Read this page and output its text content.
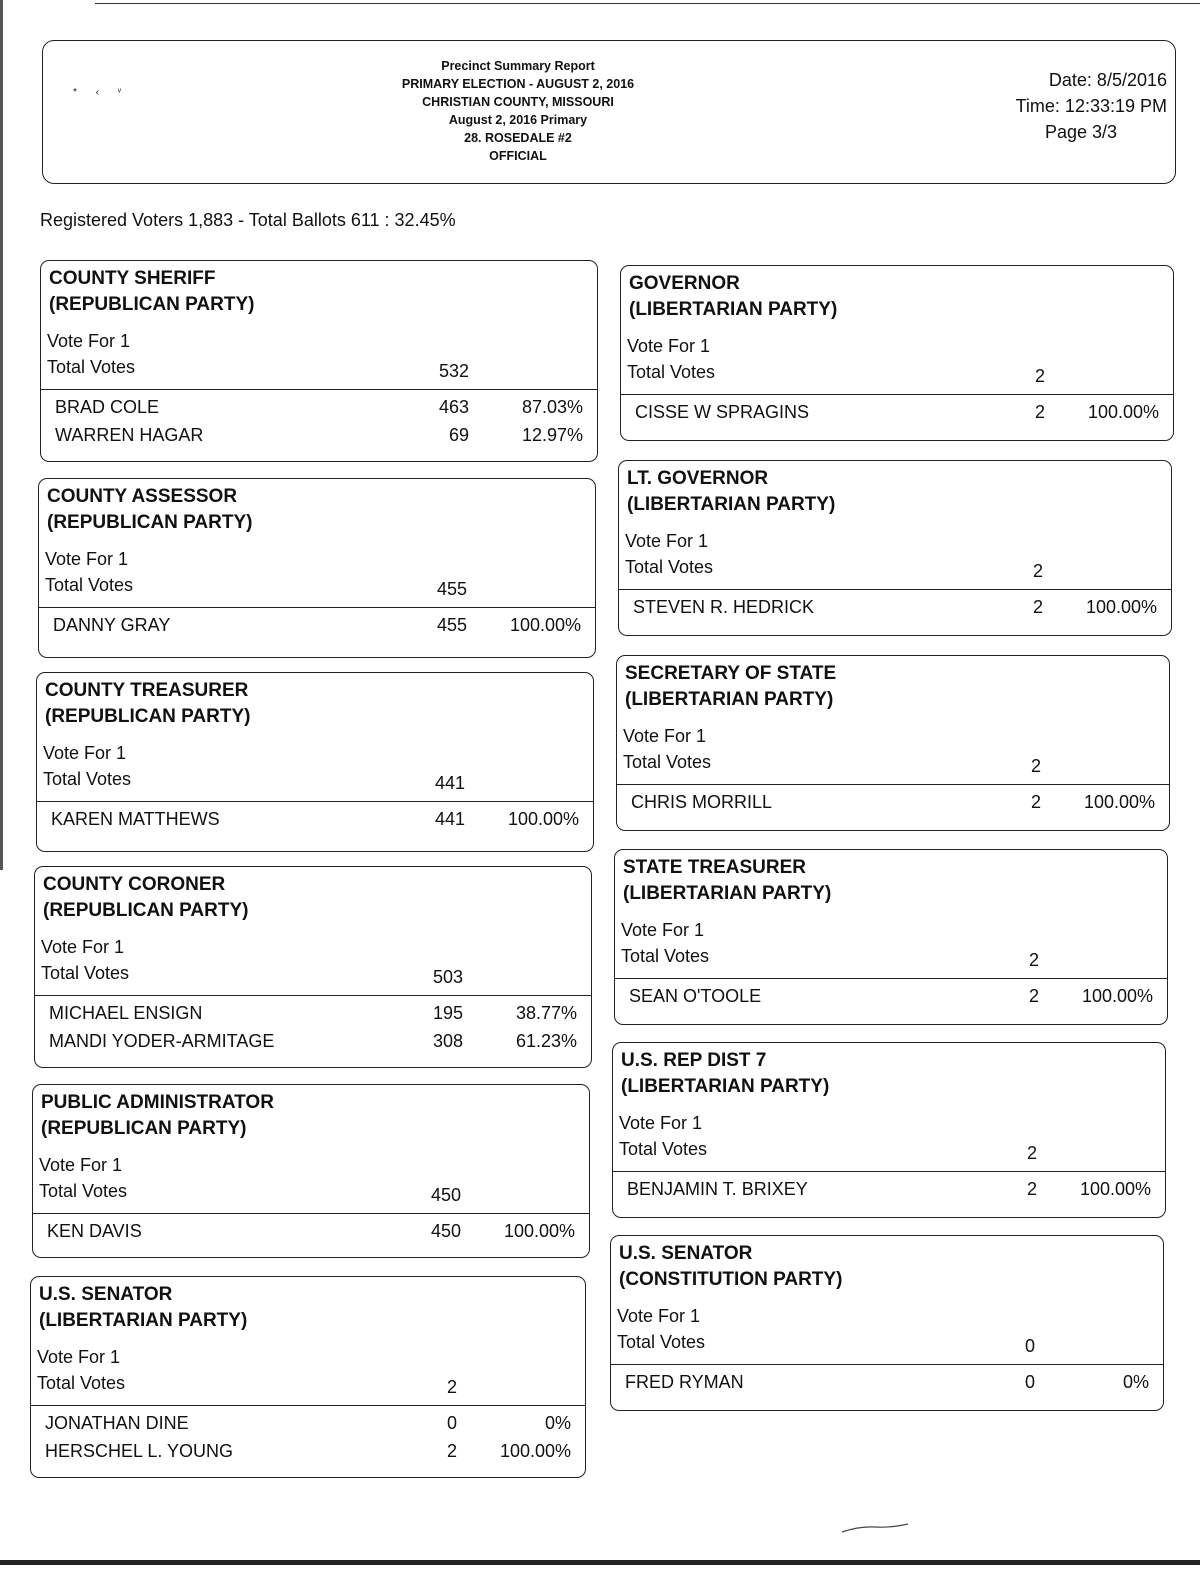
* ‹ ᵛ
Precinct Summary Report
PRIMARY ELECTION - AUGUST 2, 2016
CHRISTIAN COUNTY, MISSOURI
August 2, 2016 Primary
28. ROSEDALE #2
OFFICIAL
Date: 8/5/2016
Time: 12:33:19 PM
Page 3/3
Registered Voters 1,883 - Total Ballots 611 : 32.45%
COUNTY SHERIFF
(REPUBLICAN PARTY)
Vote For 1
Total Votes	532
BRAD COLE	463	87.03%
WARREN HAGAR	69	12.97%
COUNTY ASSESSOR
(REPUBLICAN PARTY)
Vote For 1
Total Votes	455
DANNY GRAY	455 100.00%
COUNTY TREASURER
(REPUBLICAN PARTY)
Vote For 1
Total Votes	441
KAREN MATTHEWS	441 100.00%
COUNTY CORONER
(REPUBLICAN PARTY)
Vote For 1
Total Votes	503
MICHAEL ENSIGN	195	38.77%
MANDI YODER-ARMITAGE	308	61.23%
PUBLIC ADMINISTRATOR
(REPUBLICAN PARTY)
Vote For 1
Total Votes	450
KEN DAVIS	450 100.00%
U.S. SENATOR
(LIBERTARIAN PARTY)
Vote For 1
Total Votes	2
JONATHAN DINE	0	0%
HERSCHEL L. YOUNG	2 100.00%
GOVERNOR
(LIBERTARIAN PARTY)
Vote For 1
Total Votes	2
CISSE W SPRAGINS	2 100.00%
LT. GOVERNOR
(LIBERTARIAN PARTY)
Vote For 1
Total Votes	2
STEVEN R. HEDRICK	2 100.00%
SECRETARY OF STATE
(LIBERTARIAN PARTY)
Vote For 1
Total Votes	2
CHRIS MORRILL	2 100.00%
STATE TREASURER
(LIBERTARIAN PARTY)
Vote For 1
Total Votes	2
SEAN O'TOOLE	2 100.00%
U.S. REP DIST 7
(LIBERTARIAN PARTY)
Vote For 1
Total Votes	2
BENJAMIN T. BRIXEY	2 100.00%
U.S. SENATOR
(CONSTITUTION PARTY)
Vote For 1
Total Votes	0
FRED RYMAN	0	0%
